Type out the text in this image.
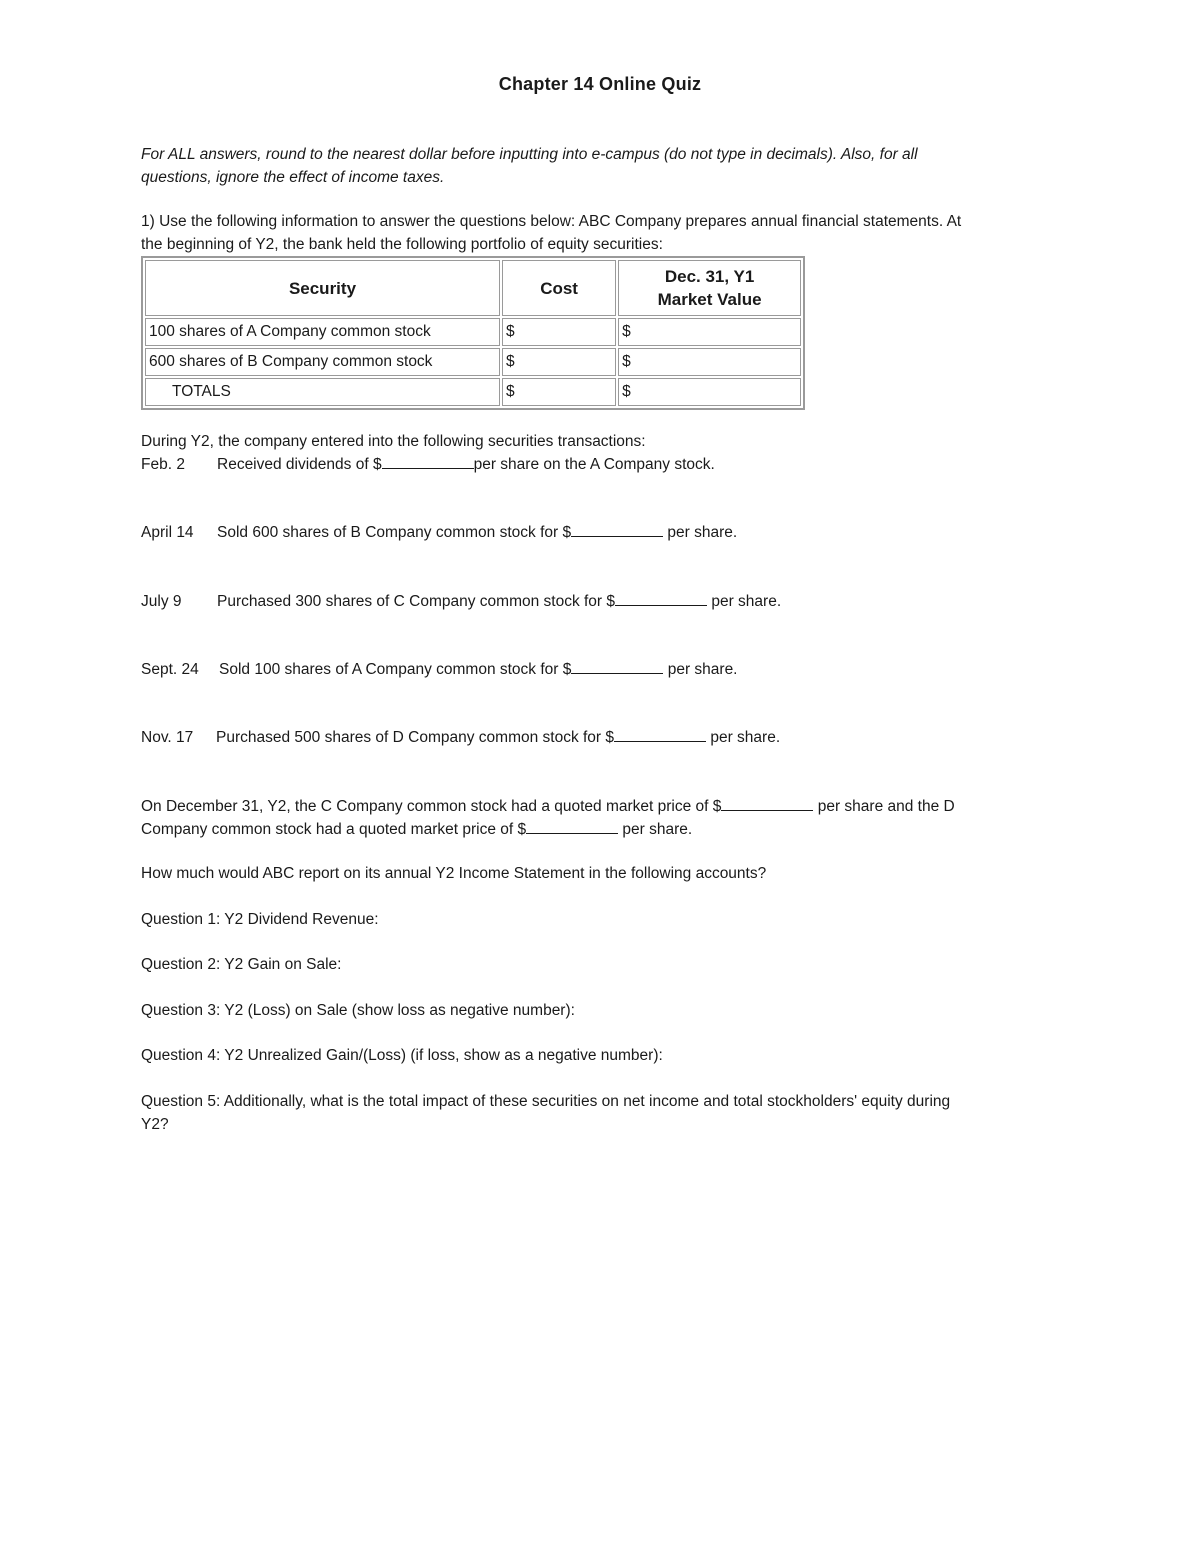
Chapter 14 Online Quiz
For ALL answers, round to the nearest dollar before inputting into e-campus (do not type in decimals). Also, for all
questions, ignore the effect of income taxes.
1) Use the following information to answer the questions below: ABC Company prepares annual financial statements. At
the beginning of Y2, the bank held the following portfolio of equity securities:
Security	Cost	Dec. 31, Y1
Market Value
100 shares of A Company common stock	$	$
600 shares of B Company common stock	$	$
TOTALS	$	$
During Y2, the company entered into the following securities transactions:
Feb. 2 Received dividends of $	per share on the A Company stock.
April 14 Sold 600 shares of B Company common stock for $	per share.
July 9 Purchased 300 shares of C Company common stock for $	per share.
Sept. 24 Sold 100 shares of A Company common stock for $	per share.
Nov. 17 Purchased 500 shares of D Company common stock for $	per share.
On December 31, Y2, the C Company common stock had a quoted market price of $	per share and the D
Company common stock had a quoted market price of $	per share.
How much would ABC report on its annual Y2 Income Statement in the following accounts?
Question 1: Y2 Dividend Revenue:
Question 2: Y2 Gain on Sale:
Question 3: Y2 (Loss) on Sale (show loss as negative number):
Question 4: Y2 Unrealized Gain/(Loss) (if loss, show as a negative number):
Question 5: Additionally, what is the total impact of these securities on net income and total stockholders' equity during
Y2?
